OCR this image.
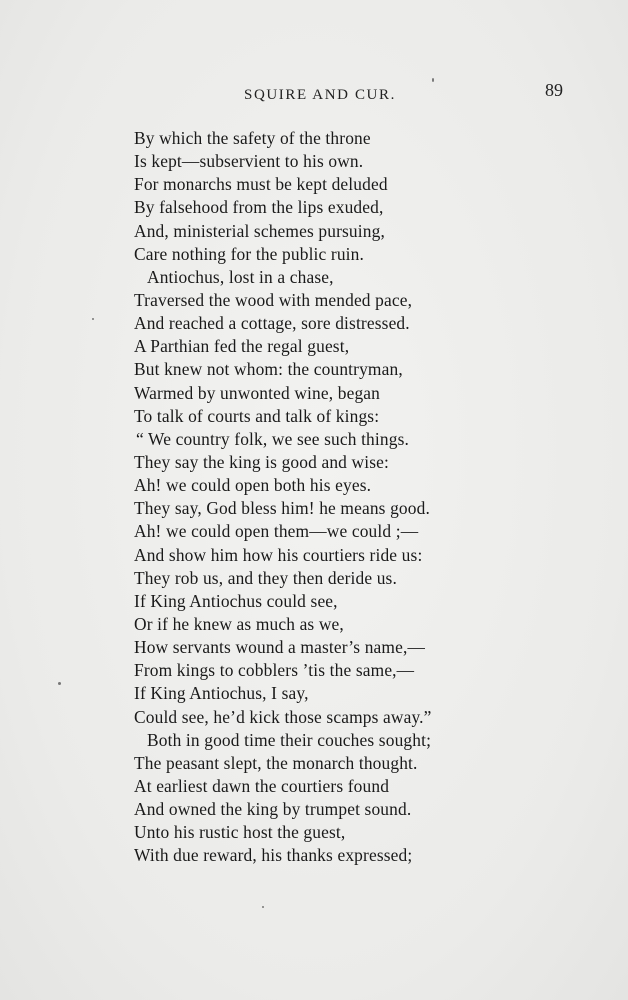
SQUIRE AND CUR.	89
By which the safety of the throne
Is kept—subservient to his own.
For monarchs must be kept deluded
By falsehood from the lips exuded,
And, ministerial schemes pursuing,
Care nothing for the public ruin.
Antiochus, lost in a chase,
Traversed the wood with mended pace,
And reached a cottage, sore distressed.
A Parthian fed the regal guest,
But knew not whom: the countryman,
Warmed by unwonted wine, began
To talk of courts and talk of kings:
“ We country folk, we see such things.
They say the king is good and wise:
Ah! we could open both his eyes.
They say, God bless him! he means good.
Ah! we could open them—we could ;—
And show him how his courtiers ride us:
They rob us, and they then deride us.
If King Antiochus could see,
Or if he knew as much as we,
How servants wound a master’s name,—
From kings to cobblers ’tis the same,—
If King Antiochus, I say,
Could see, he’d kick those scamps away.”
Both in good time their couches sought;
The peasant slept, the monarch thought.
At earliest dawn the courtiers found
And owned the king by trumpet sound.
Unto his rustic host the guest,
With due reward, his thanks expressed;
